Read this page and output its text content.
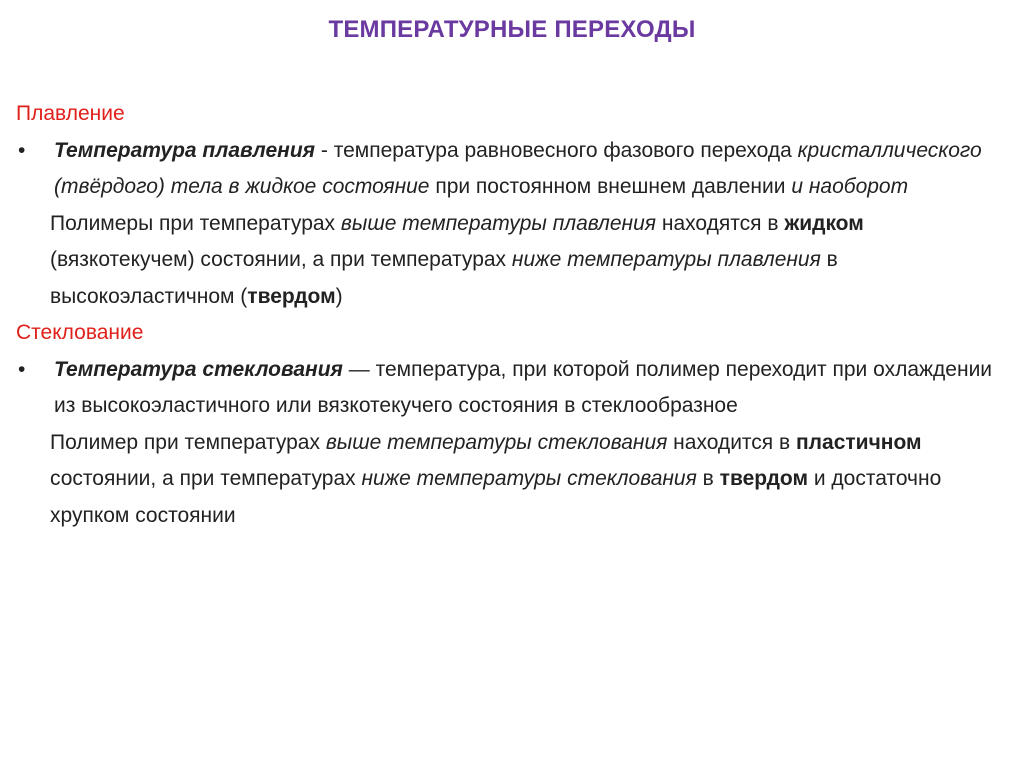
ТЕМПЕРАТУРНЫЕ ПЕРЕХОДЫ
Плавление
•	Температура плавления - температура равновесного фазового перехода кристаллического (твёрдого) тела в жидкое состояние при постоянном внешнем давлении и наоборот

Полимеры при температурах выше температуры плавления находятся в жидком (вязкотекучем) состоянии, а при температурах ниже температуры плавления в высокоэластичном (твердом)

Стеклование
•	Температура стеклования — температура, при которой полимер переходит при охлаждении из высокоэластичного или вязкотекучего состояния в стеклообразное

Полимер при температурах выше температуры стеклования находится в пластичном состоянии, а при температурах ниже температуры стеклования в твердом и достаточно хрупком состоянии
